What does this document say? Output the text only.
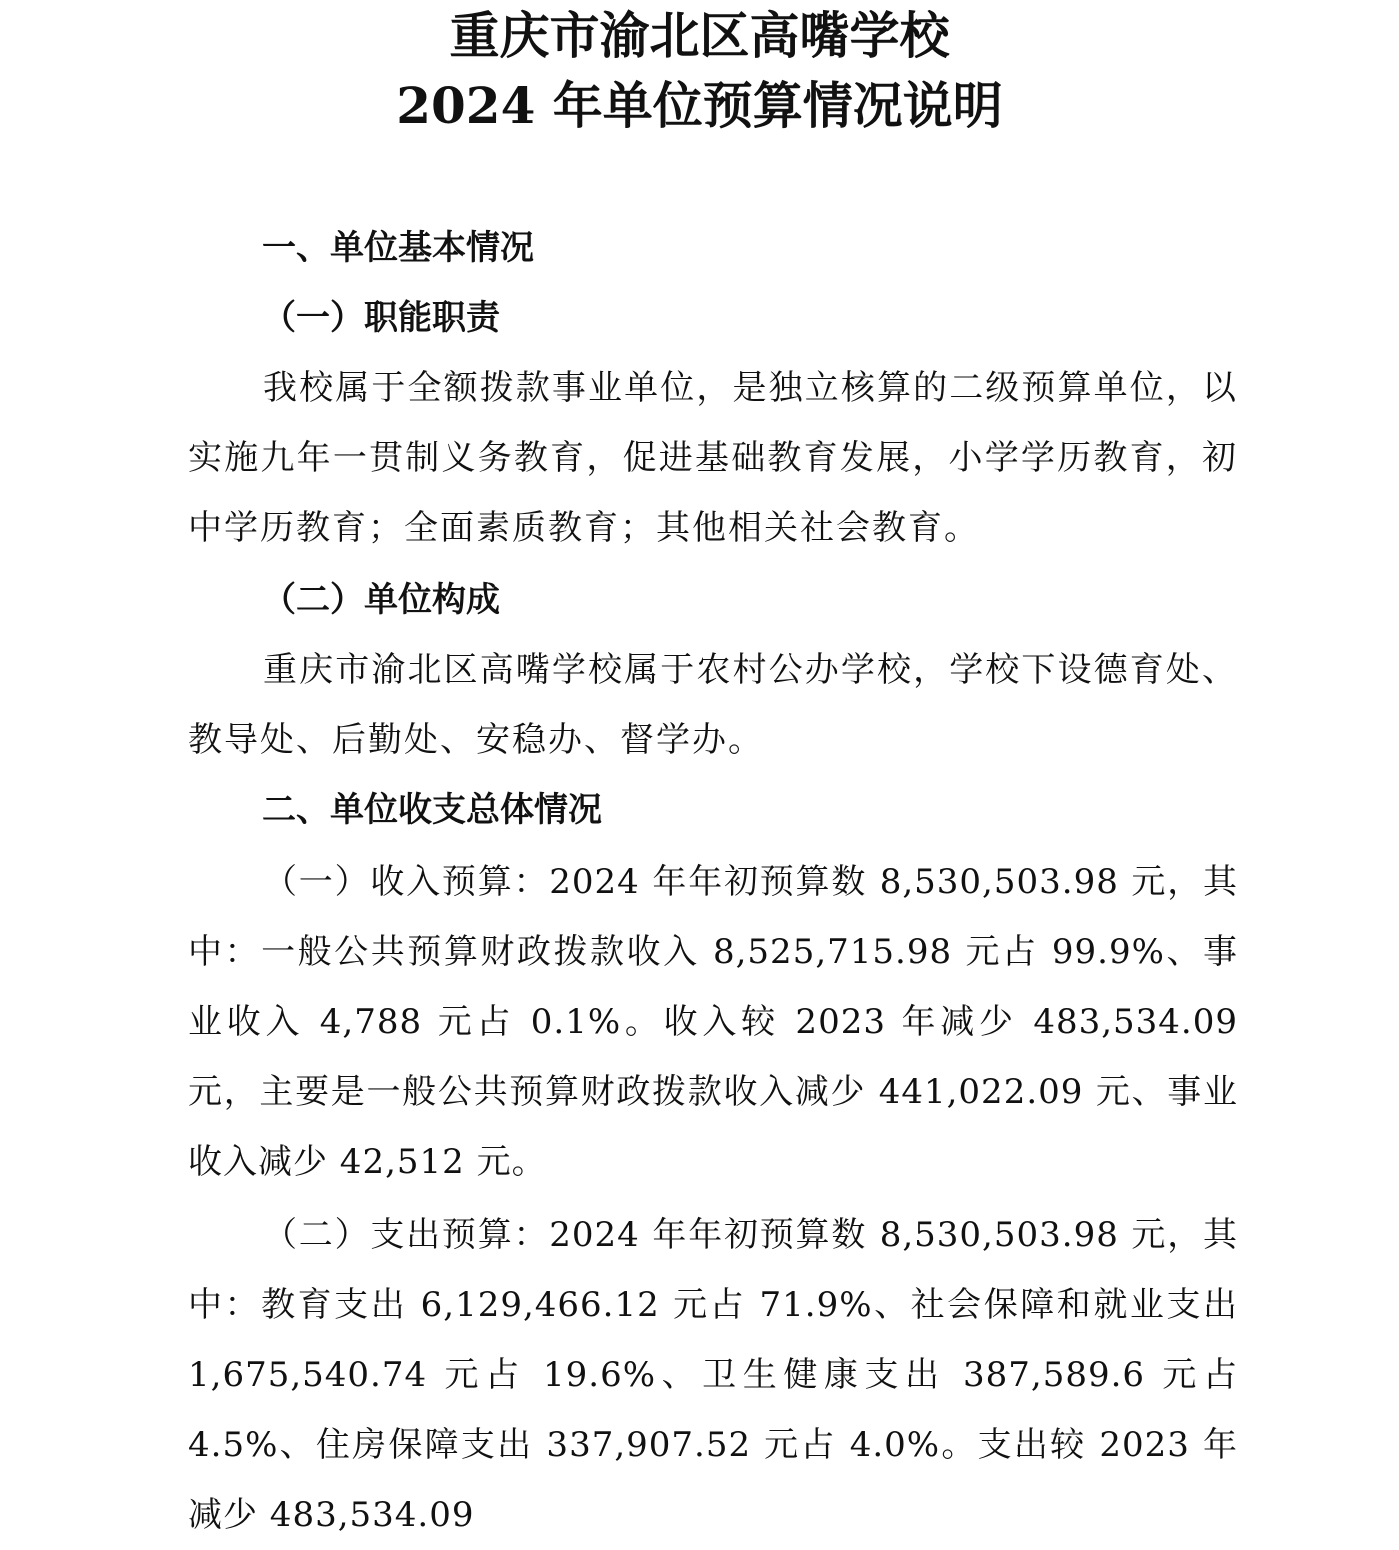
重庆市渝北区高嘴学校
2024 年单位预算情况说明
一、单位基本情况
（一）职能职责

我校属于全额拨款事业单位，是独立核算的二级预算单位，以实施九年一贯制义务教育，促进基础教育发展，小学学历教育，初中学历教育；全面素质教育；其他相关社会教育。

（二）单位构成

重庆市渝北区高嘴学校属于农村公办学校，学校下设德育处、教导处、后勤处、安稳办、督学办。

二、单位收支总体情况

（一）收入预算：2024 年年初预算数 8,530,503.98 元，其中：一般公共预算财政拨款收入 8,525,715.98 元占 99.9%、事业收入 4,788 元占 0.1%。收入较 2023 年减少 483,534.09 元，主要是一般公共预算财政拨款收入减少 441,022.09 元、事业收入减少 42,512 元。

（二）支出预算：2024 年年初预算数 8,530,503.98 元，其中：教育支出 6,129,466.12 元占 71.9%、社会保障和就业支出 1,675,540.74 元占 19.6%、卫生健康支出 387,589.6 元占 4.5%、住房保障支出 337,907.52 元占 4.0%。支出较 2023 年减少 483,534.09
